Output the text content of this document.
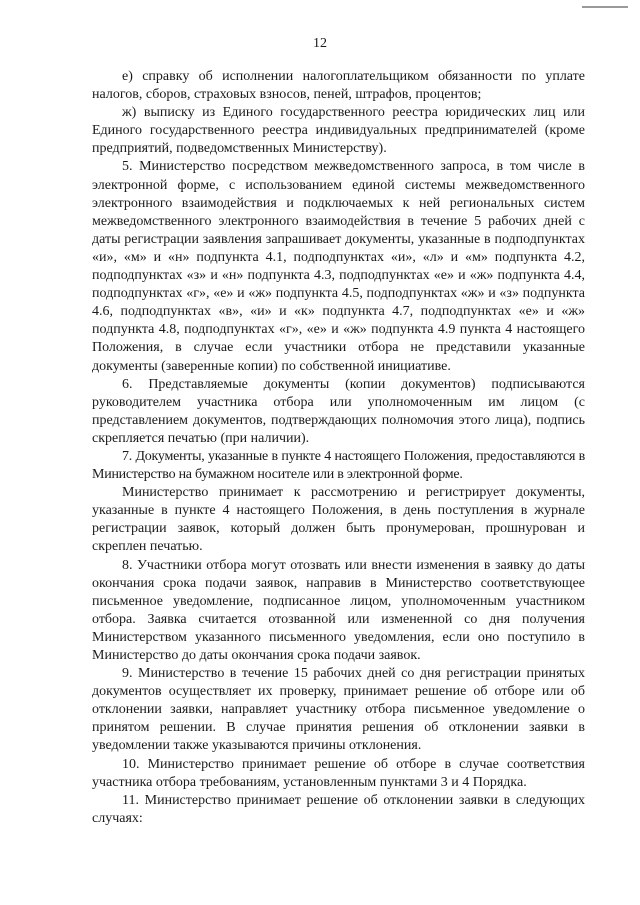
12

е) справку об исполнении налогоплательщиком обязанности по уплате налогов, сборов, страховых взносов, пеней, штрафов, процентов;

ж) выписку из Единого государственного реестра юридических лиц или Единого государственного реестра индивидуальных предпринимателей (кроме предприятий, подведомственных Министерству).

5. Министерство посредством межведомственного запроса, в том числе в электронной форме, с использованием единой системы межведомственного электронного взаимодействия и подключаемых к ней региональных систем межведомственного электронного взаимодействия в течение 5 рабочих дней с даты регистрации заявления запрашивает документы, указанные в подподпунктах «и», «м» и «н» подпункта 4.1, подподпунктах «и», «л» и «м» подпункта 4.2, подподпунктах «з» и «н» подпункта 4.3, подподпунктах «е» и «ж» подпункта 4.4, подподпунктах «г», «е» и «ж» подпункта 4.5, подподпунктах «ж» и «з» подпункта 4.6, подподпунктах «в», «и» и «к» подпункта 4.7, подподпунктах «е» и «ж» подпункта 4.8, подподпунктах «г», «е» и «ж» подпункта 4.9 пункта 4 настоящего Положения, в случае если участники отбора не представили указанные документы (заверенные копии) по собственной инициативе.

6. Представляемые документы (копии документов) подписываются руководителем участника отбора или уполномоченным им лицом (с представлением документов, подтверждающих полномочия этого лица), подпись скрепляется печатью (при наличии).

7. Документы, указанные в пункте 4 настоящего Положения, предоставляются в Министерство на бумажном носителе или в электронной форме.

Министерство принимает к рассмотрению и регистрирует документы, указанные в пункте 4 настоящего Положения, в день поступления в журнале регистрации заявок, который должен быть пронумерован, прошнурован и скреплен печатью.

8. Участники отбора могут отозвать или внести изменения в заявку до даты окончания срока подачи заявок, направив в Министерство соответствующее письменное уведомление, подписанное лицом, уполномоченным участником отбора. Заявка считается отозванной или измененной со дня получения Министерством указанного письменного уведомления, если оно поступило в Министерство до даты окончания срока подачи заявок.

9. Министерство в течение 15 рабочих дней со дня регистрации принятых документов осуществляет их проверку, принимает решение об отборе или об отклонении заявки, направляет участнику отбора письменное уведомление о принятом решении. В случае принятия решения об отклонении заявки в уведомлении также указываются причины отклонения.

10. Министерство принимает решение об отборе в случае соответствия участника отбора требованиям, установленным пунктами 3 и 4 Порядка.

11. Министерство принимает решение об отклонении заявки в следующих случаях:
